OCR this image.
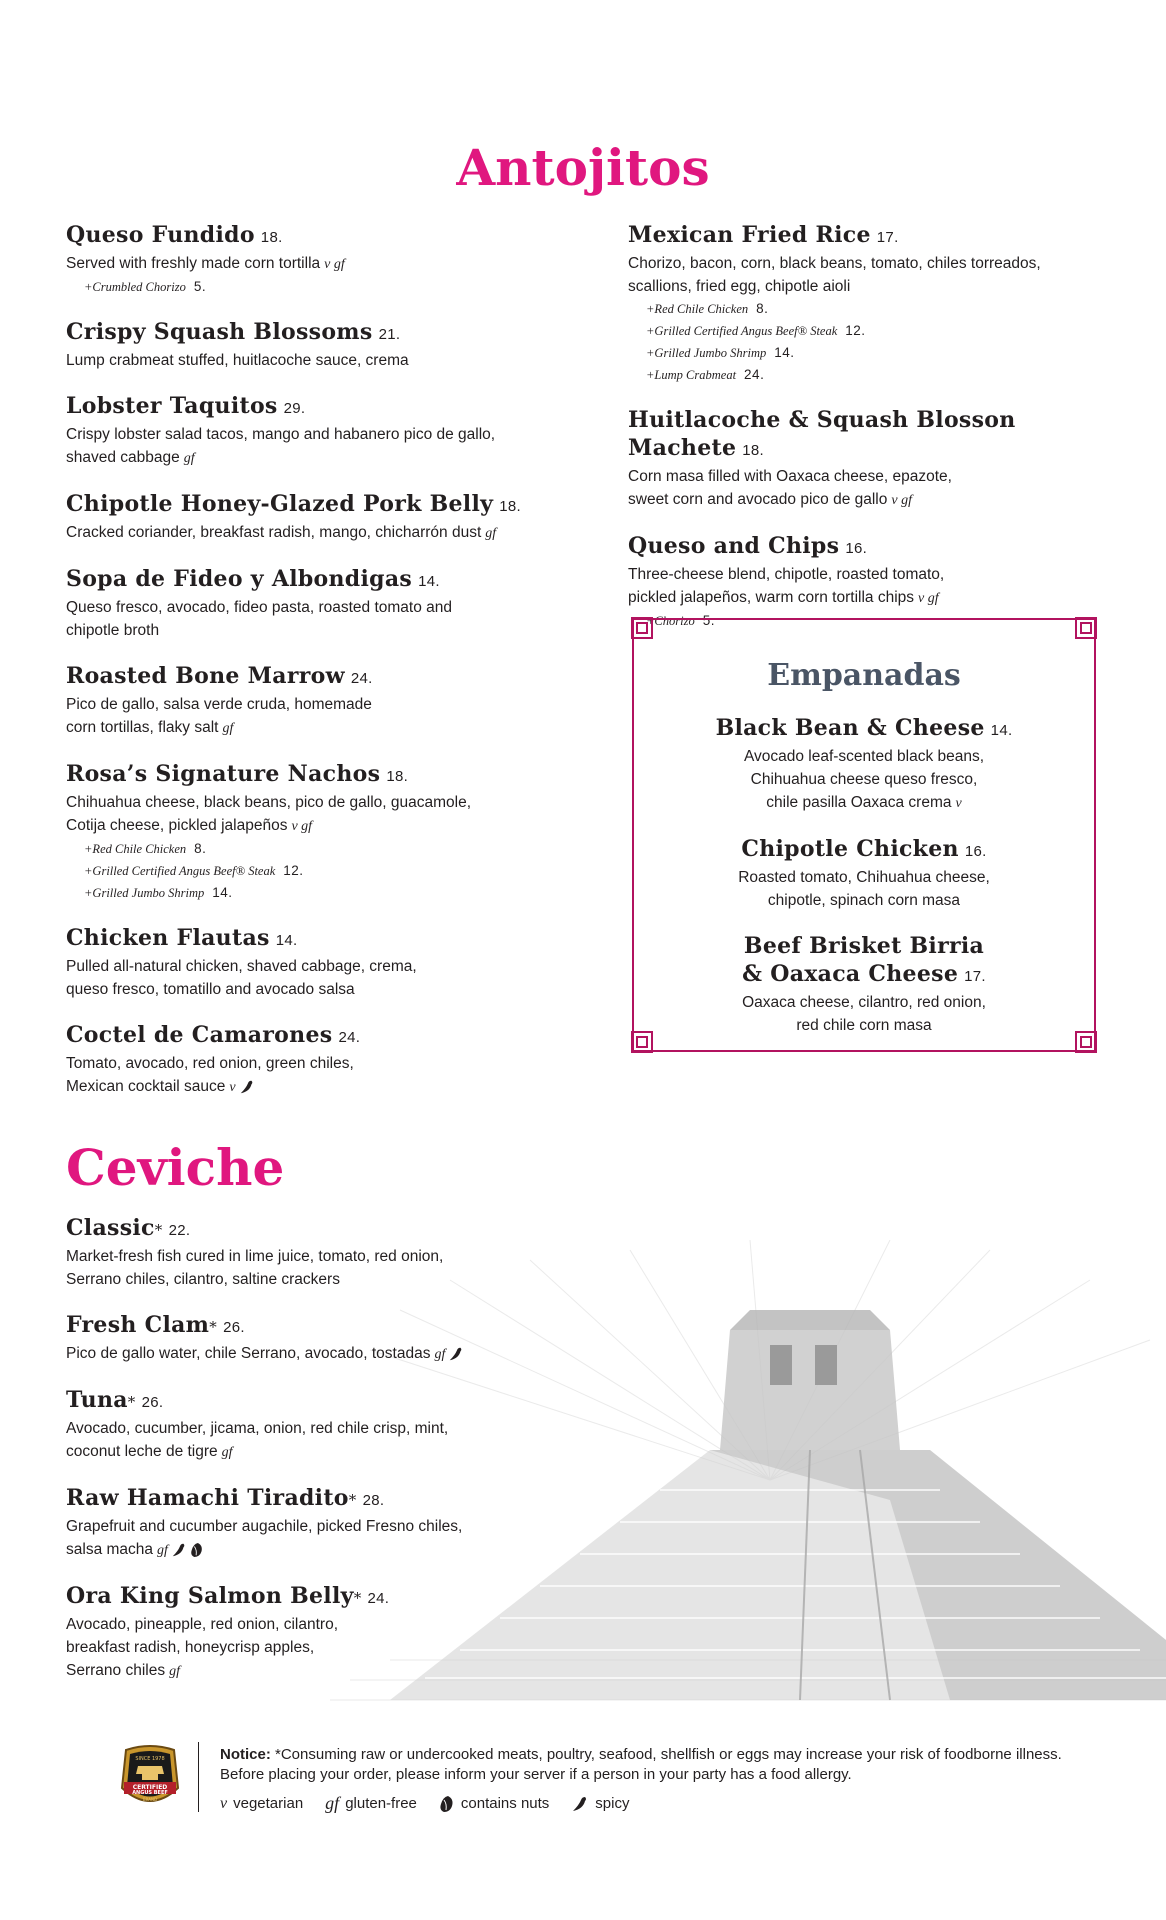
Antojitos
Queso Fundido 18.
Served with freshly made corn tortilla v gf
+Crumbled Chorizo 5.
Crispy Squash Blossoms 21.
Lump crabmeat stuffed, huitlacoche sauce, crema
Lobster Taquitos 29.
Crispy lobster salad tacos, mango and habanero pico de gallo,
shaved cabbage gf
Chipotle Honey-Glazed Pork Belly 18.
Cracked coriander, breakfast radish, mango, chicharrón dust gf
Sopa de Fideo y Albondigas 14.
Queso fresco, avocado, fideo pasta, roasted tomato and
chipotle broth
Roasted Bone Marrow 24.
Pico de gallo, salsa verde cruda, homemade
corn tortillas, flaky salt gf
Rosa’s Signature Nachos 18.
Chihuahua cheese, black beans, pico de gallo, guacamole,
Cotija cheese, pickled jalapeños v gf
+Red Chile Chicken 8.
+Grilled Certified Angus Beef® Steak 12.
+Grilled Jumbo Shrimp 14.
Chicken Flautas 14.
Pulled all-natural chicken, shaved cabbage, crema,
queso fresco, tomatillo and avocado salsa
Coctel de Camarones 24.
Tomato, avocado, red onion, green chiles,
Mexican cocktail sauce v
Mexican Fried Rice 17.
Chorizo, bacon, corn, black beans, tomato, chiles torreados,
scallions, fried egg, chipotle aioli
+Red Chile Chicken 8.
+Grilled Certified Angus Beef® Steak 12.
+Grilled Jumbo Shrimp 14.
+Lump Crabmeat 24.
Huitlacoche & Squash Blosson Machete 18.
Corn masa filled with Oaxaca cheese, epazote,
sweet corn and avocado pico de gallo v gf
Queso and Chips 16.
Three-cheese blend, chipotle, roasted tomato,
pickled jalapeños, warm corn tortilla chips v gf
+Chorizo 5.
Empanadas
Black Bean & Cheese 14.
Avocado leaf-scented black beans,
Chihuahua cheese queso fresco,
chile pasilla Oaxaca crema v
Chipotle Chicken 16.
Roasted tomato, Chihuahua cheese,
chipotle, spinach corn masa
Beef Brisket Birria
& Oaxaca Cheese 17.
Oaxaca cheese, cilantro, red onion,
red chile corn masa
Ceviche
Classic* 22.
Market-fresh fish cured in lime juice, tomato, red onion,
Serrano chiles, cilantro, saltine crackers
Fresh Clam* 26.
Pico de gallo water, chile Serrano, avocado, tostadas gf
Tuna* 26.
Avocado, cucumber, jicama, onion, red chile crisp, mint,
coconut leche de tigre gf
Raw Hamachi Tiradito* 28.
Grapefruit and cucumber augachile, picked Fresno chiles,
salsa macha gf
Ora King Salmon Belly* 24.
Avocado, pineapple, red onion, cilantro,
breakfast radish, honeycrisp apples,
Serrano chiles gf
SINCE 1978
CERTIFIED
ANGUS BEEF
BRAND
Notice: *Consuming raw or undercooked meats, poultry, seafood, shellfish or eggs may increase your risk of foodborne illness. Before placing your order, please inform your server if a person in your party has a food allergy.
v vegetarian gf gluten-free	contains nuts	spicy
